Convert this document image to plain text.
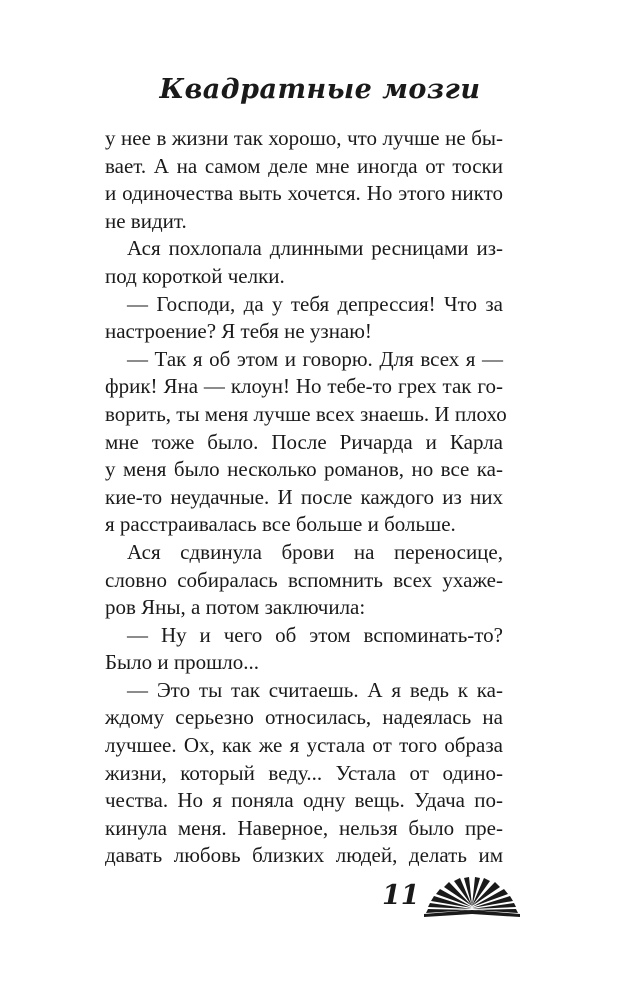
Квадратные мозги
у нее в жизни так хорошо, что лучше не бы-
вает. А на самом деле мне иногда от тоски
и одиночества выть хочется. Но этого никто
не видит.
Ася похлопала длинными ресницами из-
под короткой челки.
— Господи, да у тебя депрессия! Что за
настроение? Я тебя не узнаю!
— Так я об этом и говорю. Для всех я —
фрик! Яна — клоун! Но тебе-то грех так го-
ворить, ты меня лучше всех знаешь. И плохо
мне тоже было. После Ричарда и Карла
у меня было несколько романов, но все ка-
кие-то неудачные. И после каждого из них
я расстраивалась все больше и больше.
Ася сдвинула брови на переносице,
словно собиралась вспомнить всех ухаже-
ров Яны, а потом заключила:
— Ну и чего об этом вспоминать-то?
Было и прошло...
— Это ты так считаешь. А я ведь к ка-
ждому серьезно относилась, надеялась на
лучшее. Ох, как же я устала от того образа
жизни, который веду... Устала от одино-
чества. Но я поняла одну вещь. Удача по-
кинула меня. Наверное, нельзя было пре-
давать любовь близких людей, делать им
11
